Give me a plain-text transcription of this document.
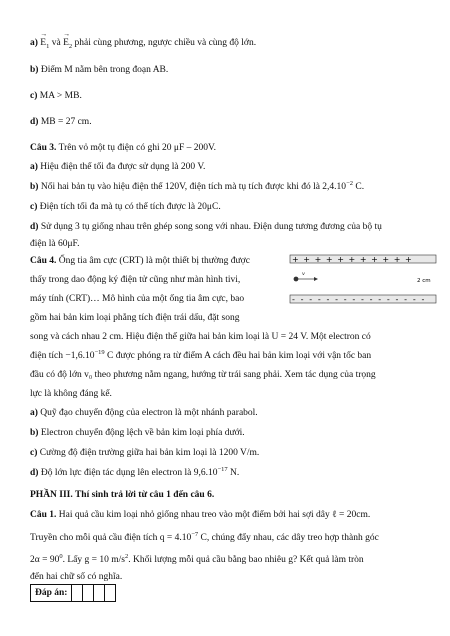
$a) \to E_1$ và → $E_2$ phải cùng phương, ngược chiều và cùng độ lớn.
b) Điểm M nằm bên trong đoạn AB.
c) MA > MB.
d) MB = 27 cm.
Câu 3. Trên vỏ một tụ điện có ghi 20 μF – 200V.
a) Hiệu điện thế tối đa được sử dụng là 200 V.
b) Nối hai bản tụ vào hiệu điện thế 120V, điện tích mà tụ tích được khi đó là $2,4.10^{-2}$ C.
c) Điện tích tối đa mà tụ có thể tích được là 20μC.
d) Sử dụng 3 tụ giống nhau trên ghép song song với nhau. Điện dung tương đương của bộ tụ
điện là 60μF.
Câu 4. Ống tia âm cực (CRT) là một thiết bị thường được
thấy trong dao động ký điện tử cũng như màn hình tivi,
máy tính (CRT)… Mô hình của một ống tia âm cực, bao
gồm hai bản kim loại phẳng tích điện trái dấu, đặt song
song và cách nhau 2 cm. Hiệu điện thế giữa hai bản kim loại là U = 24 V. Một electron có
điện tích $-1,6.10^{-19}$ C được phóng ra từ điểm A cách đều hai bản kim loại với vận tốc ban
đầu có độ lớn v₀ theo phương nằm ngang, hướng từ trái sang phải. Xem tác dụng của trọng
lực là không đáng kể.
+++++++++++
- - - - - - - - - - - - - - - -
v
2 cm
a) Quỹ đạo chuyển động của electron là một nhánh parabol.
b) Electron chuyển động lệch về bản kim loại phía dưới.
c) Cường độ điện trường giữa hai bản kim loại là 1200 V/m.
d) Độ lớn lực điện tác dụng lên electron là $9,6.10^{-17}$ N.
PHẦN III. Thí sinh trả lời từ câu 1 đến câu 6.
Câu 1. Hai quả cầu kim loại nhỏ giống nhau treo vào một điểm bởi hai sợi dây ℓ = 20cm.
Truyền cho mỗi quả cầu điện tích $q = 4.10^{-7}$ C, chúng đẩy nhau, các dây treo hợp thành góc
$2\alpha = 90^0$. Lấy g = 10 $m/s^2$. Khối lượng mỗi quả cầu bằng bao nhiêu g? Kết quả làm tròn
đến hai chữ số có nghĩa.
Đáp án:				
